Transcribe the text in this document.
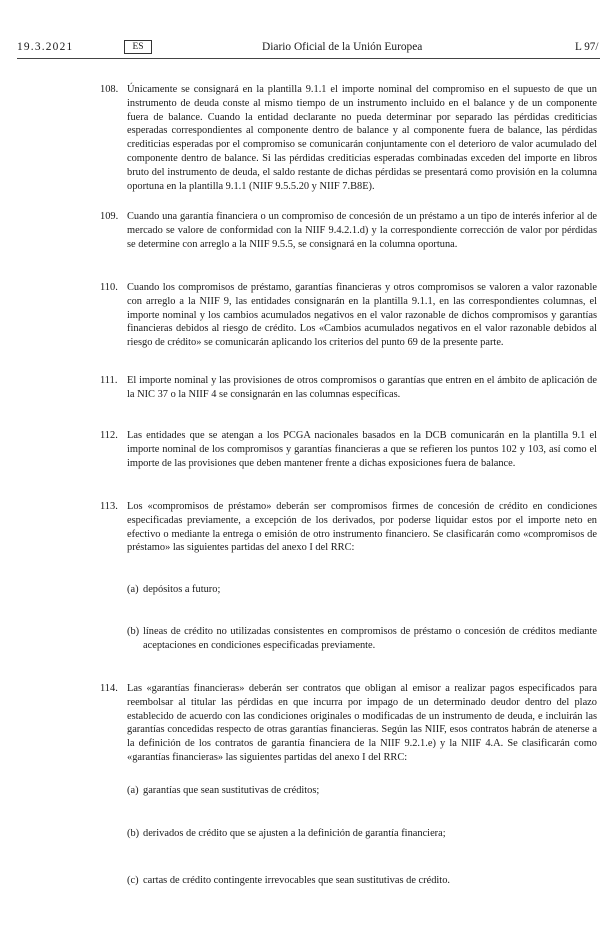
19.3.2021	ES	Diario Oficial de la Unión Europea	L 97/
108. Únicamente se consignará en la plantilla 9.1.1 el importe nominal del compromiso en el supuesto de que un instrumento de deuda conste al mismo tiempo de un instrumento incluido en el balance y de un componente fuera de balance. Cuando la entidad declarante no pueda determinar por separado las pérdidas crediticias esperadas correspondientes al componente dentro de balance y al componente fuera de balance, las pérdidas crediticias esperadas por el compromiso se comunicarán conjuntamente con el deterioro de valor acumulado del componente dentro de balance. Si las pérdidas crediticias esperadas combinadas exceden del importe en libros bruto del instrumento de deuda, el saldo restante de dichas pérdidas se presentará como provisión en la columna oportuna en la plantilla 9.1.1 (NIIF 9.5.5.20 y NIIF 7.B8E).
109. Cuando una garantía financiera o un compromiso de concesión de un préstamo a un tipo de interés inferior al de mercado se valore de conformidad con la NIIF 9.4.2.1.d) y la correspondiente corrección de valor por pérdidas se determine con arreglo a la NIIF 9.5.5, se consignará en la columna oportuna.
110. Cuando los compromisos de préstamo, garantías financieras y otros compromisos se valoren a valor razonable con arreglo a la NIIF 9, las entidades consignarán en la plantilla 9.1.1, en las correspondientes columnas, el importe nominal y los cambios acumulados negativos en el valor razonable de dichos compromisos y garantías financieras debidos al riesgo de crédito. Los «Cambios acumulados negativos en el valor razonable debidos al riesgo de crédito» se comunicarán aplicando los criterios del punto 69 de la presente parte.
111. El importe nominal y las provisiones de otros compromisos o garantías que entren en el ámbito de aplicación de la NIC 37 o la NIIF 4 se consignarán en las columnas específicas.
112. Las entidades que se atengan a los PCGA nacionales basados en la DCB comunicarán en la plantilla 9.1 el importe nominal de los compromisos y garantías financieras a que se refieren los puntos 102 y 103, así como el importe de las provisiones que deben mantener frente a dichas exposiciones fuera de balance.
113. Los «compromisos de préstamo» deberán ser compromisos firmes de concesión de crédito en condiciones especificadas previamente, a excepción de los derivados, por poderse liquidar estos por el importe neto en efectivo o mediante la entrega o emisión de otro instrumento financiero. Se clasificarán como «compromisos de préstamo» las siguientes partidas del anexo I del RRC:
(a) depósitos a futuro;
(b) líneas de crédito no utilizadas consistentes en compromisos de préstamo o concesión de créditos mediante aceptaciones en condiciones especificadas previamente.
114. Las «garantías financieras» deberán ser contratos que obligan al emisor a realizar pagos especificados para reembolsar al titular las pérdidas en que incurra por impago de un determinado deudor dentro del plazo establecido de acuerdo con las condiciones originales o modificadas de un instrumento de deuda, e incluirán las garantías concedidas respecto de otras garantías financieras. Según las NIIF, esos contratos habrán de atenerse a la definición de los contratos de garantía financiera de la NIIF 9.2.1.e) y la NIIF 4.A. Se clasificarán como «garantías financieras» las siguientes partidas del anexo I del RRC:
(a) garantías que sean sustitutivas de créditos;
(b) derivados de crédito que se ajusten a la definición de garantía financiera;
(c) cartas de crédito contingente irrevocables que sean sustitutivas de crédito.
